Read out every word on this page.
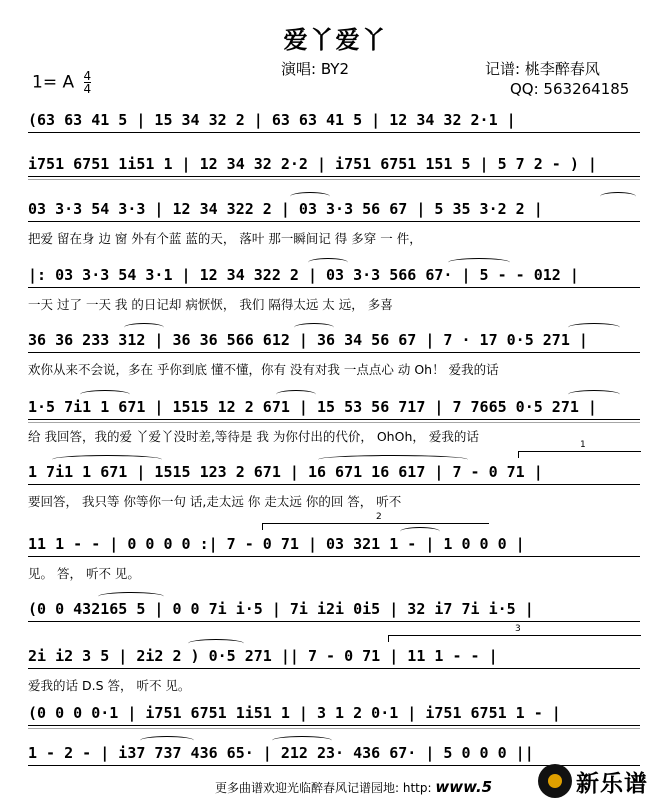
爱丫爱丫
演唱: BY2	记谱: 桃李醉春风
QQ: 563264185
1= A $\frac{4}{4}$
(63 63 41 5 | 15 34 32 2 | 63 63 41 5 | 12 34 32 2·1 |
i751 6751 1i51 1 | 12 34 32 2·2 | i751 6751 151 5 | 5 7 2 - ) |
03 3·3 54 3·3 | 12 34 322 2 | 03 3·3 56 67 | 5 35 3·2 2 |
把爱 留在身 边 窗 外有个蓝 蓝的天， 落叶 那一瞬间记 得 多穿 一 件，
|: 03 3·3 54 3·1 | 12 34 322 2 | 03 3·3 566 67· | 5 - - 012 |
一天 过了 一天 我 的日记却 病恹恹， 我们 隔得太远 太 远， 多喜
36 36 233 312 | 36 36 566 612 | 36 34 56 67 | 7 · 17 0·5 271 |
欢你从来不会说，多在 乎你到底 懂不懂，你有 没有对我 一点点心 动 Oh！ 爱我的话
1·5 7i1 1 671 | 1515 12 2 671 | 15 53 56 717 | 7 7665 0·5 271 |
给 我回答，我的爱 丫爱丫没时差,等待是 我 为你付出的代价， OhOh， 爱我的话
1
1 7i1 1 671 | 1515 123 2 671 | 16 671 16 617 | 7 - 0 71 |
要回答， 我只等 你等你一句 话,走太远 你 走太远 你的回 答， 听不
2
11 1 - - | 0 0 0 0 :| 7 - 0 71 | 03 321 1 - | 1 0 0 0 |
见。 答， 听不 见。
(0 0 432165 5 | 0 0 7i i·5 | 7i i2i 0i5 | 32 i7 7i i·5 |
3
2i i2 3 5 | 2i2 2 ) 0·5 271 || 7 - 0 71 | 11 1 - - |
爱我的话 D.S 答， 听不 见。
(0 0 0 0·1 | i751 6751 1i51 1 | 3 1 2 0·1 | i751 6751 1 - |
1 - 2 - | i37 737 436 65· | 212 23· 436 67· | 5 0 0 0 ||
更多曲谱欢迎光临醉春风记谱园地: http: www.5	新乐谱
